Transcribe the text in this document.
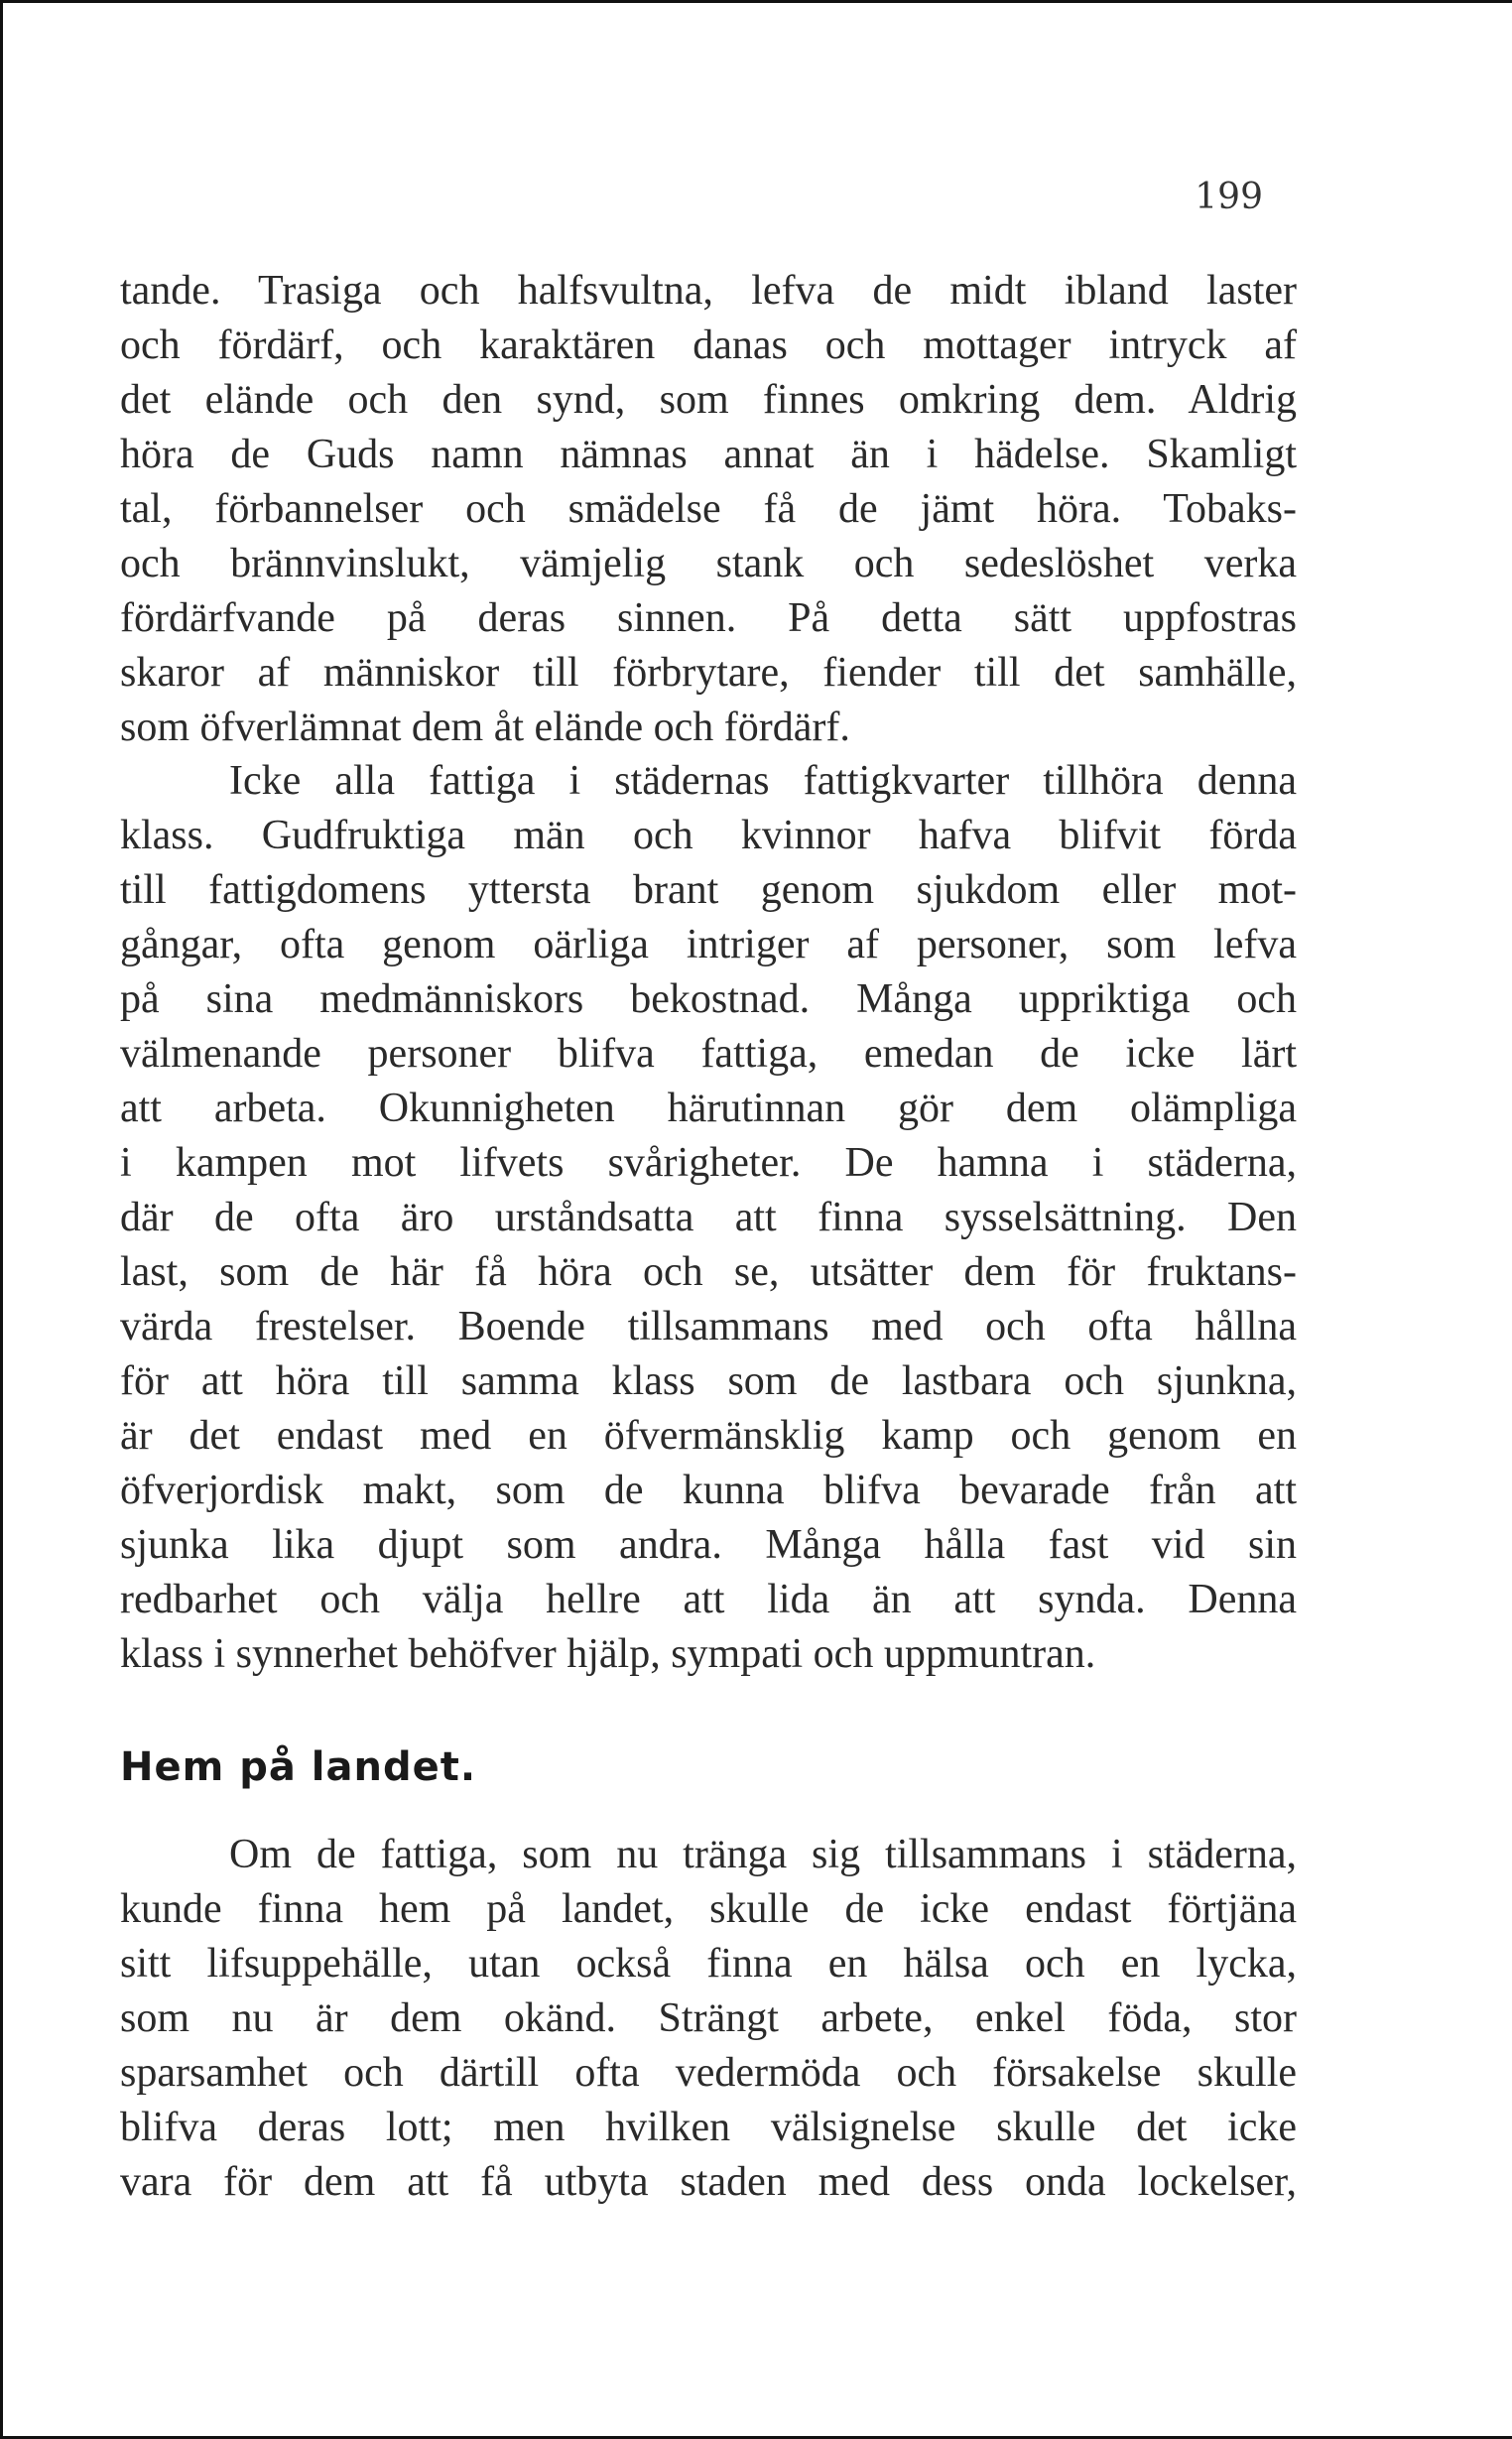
199
tande. Trasiga och halfsvultna, lefva de midt ibland laster
och fördärf, och karaktären danas och mottager intryck af
det elände och den synd, som finnes omkring dem. Aldrig
höra de Guds namn nämnas annat än i hädelse. Skamligt
tal, förbannelser och smädelse få de jämt höra. Tobaks-
och brännvinslukt, vämjelig stank och sedeslöshet verka
fördärfvande på deras sinnen. På detta sätt uppfostras
skaror af människor till förbrytare, fiender till det samhälle,
som öfverlämnat dem åt elände och fördärf.
Icke alla fattiga i städernas fattigkvarter tillhöra denna
klass. Gudfruktiga män och kvinnor hafva blifvit förda
till fattigdomens yttersta brant genom sjukdom eller mot-
gångar, ofta genom oärliga intriger af personer, som lefva
på sina medmänniskors bekostnad. Många uppriktiga och
välmenande personer blifva fattiga, emedan de icke lärt
att arbeta. Okunnigheten härutinnan gör dem olämpliga
i kampen mot lifvets svårigheter. De hamna i städerna,
där de ofta äro urståndsatta att finna sysselsättning. Den
last, som de här få höra och se, utsätter dem för fruktans-
värda frestelser. Boende tillsammans med och ofta hållna
för att höra till samma klass som de lastbara och sjunkna,
är det endast med en öfvermänsklig kamp och genom en
öfverjordisk makt, som de kunna blifva bevarade från att
sjunka lika djupt som andra. Många hålla fast vid sin
redbarhet och välja hellre att lida än att synda. Denna
klass i synnerhet behöfver hjälp, sympati och uppmuntran.
Hem på landet.
Om de fattiga, som nu tränga sig tillsammans i städerna,
kunde finna hem på landet, skulle de icke endast förtjäna
sitt lifsuppehälle, utan också finna en hälsa och en lycka,
som nu är dem okänd. Strängt arbete, enkel föda, stor
sparsamhet och därtill ofta vedermöda och försakelse skulle
blifva deras lott; men hvilken välsignelse skulle det icke
vara för dem att få utbyta staden med dess onda lockelser,
